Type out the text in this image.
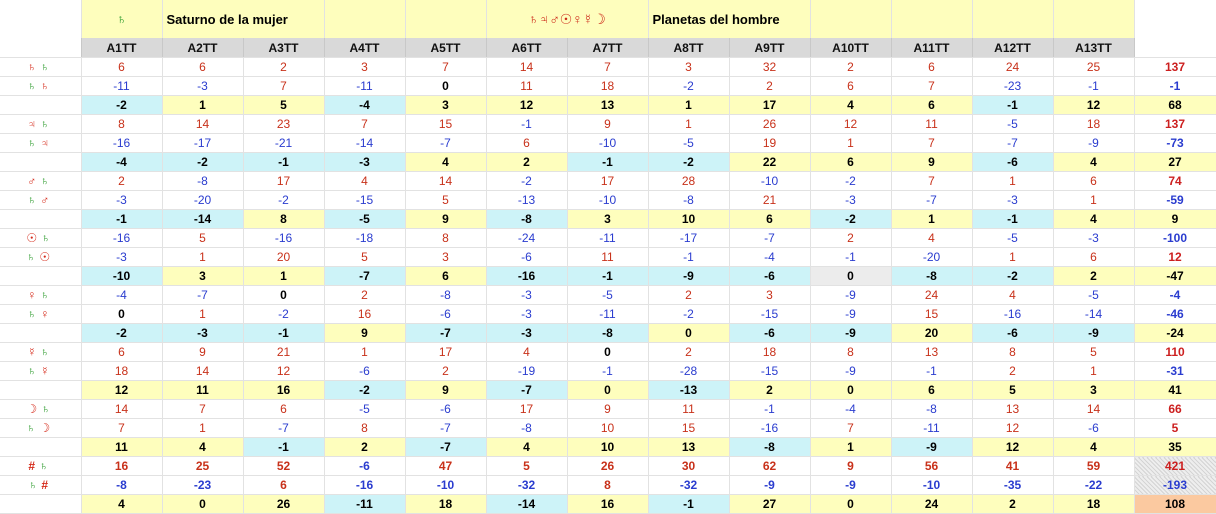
	♄	Saturno de la mujer				♄♃♂☉♀☿☽		Planetas del hombre						
	A1TT	A2TT	A3TT	A4TT	A5TT	A6TT	A7TT	A8TT	A9TT	A10TT	A11TT	A12TT	A13TT	
♄♄	6	6	2	3	7	14	7	3	32	2	6	24	25	137
♄♄	-11	-3	7	-11	0	11	18	-2	2	6	7	-23	-1	-1
	-2	1	5	-4	3	12	13	1	17	4	6	-1	12	68
♃♄	8	14	23	7	15	-1	9	1	26	12	11	-5	18	137
♄♃	-16	-17	-21	-14	-7	6	-10	-5	19	1	7	-7	-9	-73
	-4	-2	-1	-3	4	2	-1	-2	22	6	9	-6	4	27
♂♄	2	-8	17	4	14	-2	17	28	-10	-2	7	1	6	74
♄♂	-3	-20	-2	-15	5	-13	-10	-8	21	-3	-7	-3	1	-59
	-1	-14	8	-5	9	-8	3	10	6	-2	1	-1	4	9
☉♄	-16	5	-16	-18	8	-24	-11	-17	-7	2	4	-5	-3	-100
♄☉	-3	1	20	5	3	-6	11	-1	-4	-1	-20	1	6	12
	-10	3	1	-7	6	-16	-1	-9	-6	0	-8	-2	2	-47
♀♄	-4	-7	0	2	-8	-3	-5	2	3	-9	24	4	-5	-4
♄♀	0	1	-2	16	-6	-3	-11	-2	-15	-9	15	-16	-14	-46
	-2	-3	-1	9	-7	-3	-8	0	-6	-9	20	-6	-9	-24
☿♄	6	9	21	1	17	4	0	2	18	8	13	8	5	110
♄☿	18	14	12	-6	2	-19	-1	-28	-15	-9	-1	2	1	-31
	12	11	16	-2	9	-7	0	-13	2	0	6	5	3	41
☽♄	14	7	6	-5	-6	17	9	11	-1	-4	-8	13	14	66
♄☽	7	1	-7	8	-7	-8	10	15	-16	7	-11	12	-6	5
	11	4	-1	2	-7	4	10	13	-8	1	-9	12	4	35
#♄	16	25	52	-6	47	5	26	30	62	9	56	41	59	421
♄#	-8	-23	6	-16	-10	-32	8	-32	-9	-9	-10	-35	-22	-193
	4	0	26	-11	18	-14	16	-1	27	0	24	2	18	108
